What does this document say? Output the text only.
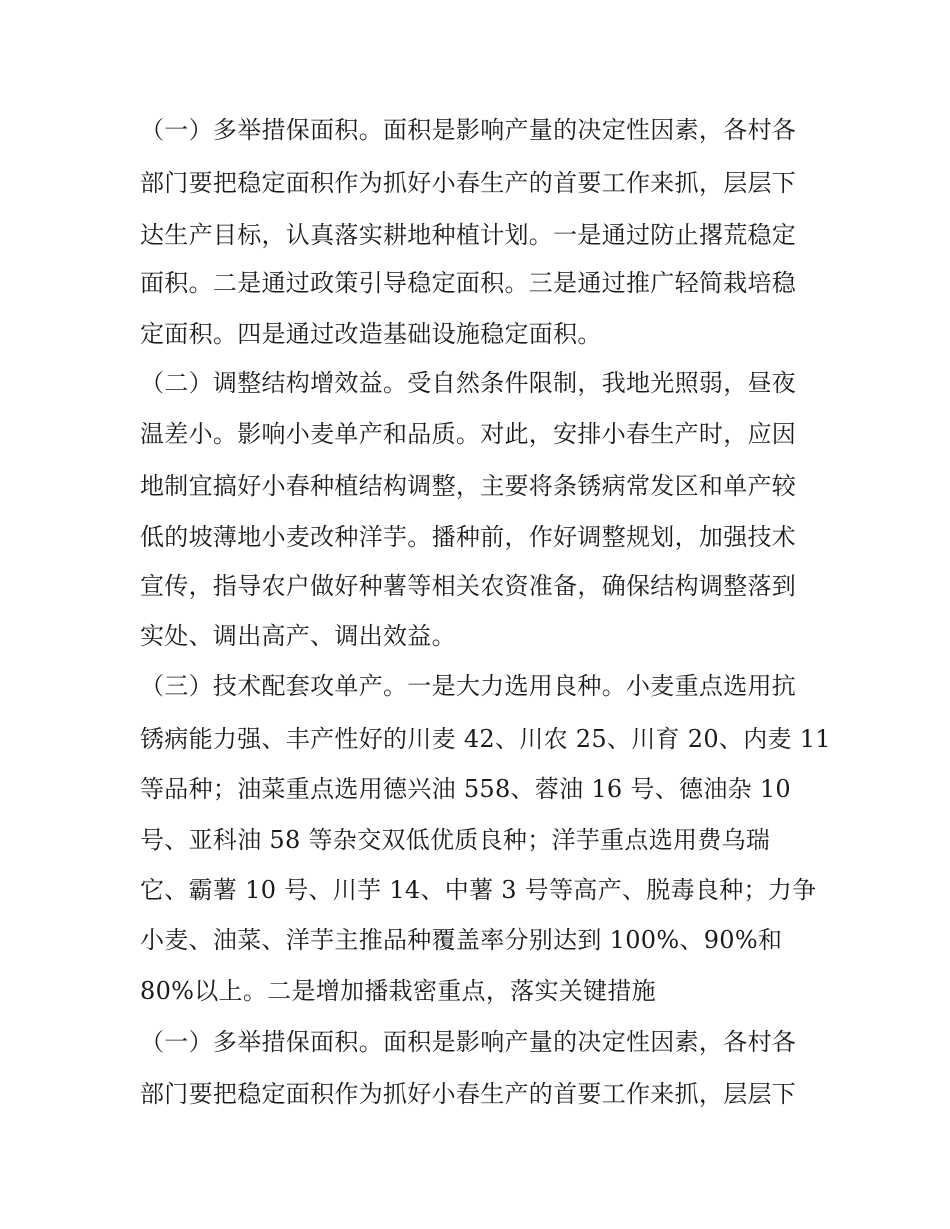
（一）多举措保面积。面积是影响产量的决定性因素，各村各
部门要把稳定面积作为抓好小春生产的首要工作来抓，层层下
达生产目标，认真落实耕地种植计划。一是通过防止撂荒稳定
面积。二是通过政策引导稳定面积。三是通过推广轻简栽培稳
定面积。四是通过改造基础设施稳定面积。
（二）调整结构增效益。受自然条件限制，我地光照弱，昼夜
温差小。影响小麦单产和品质。对此，安排小春生产时，应因
地制宜搞好小春种植结构调整，主要将条锈病常发区和单产较
低的坡薄地小麦改种洋芋。播种前，作好调整规划，加强技术
宣传，指导农户做好种薯等相关农资准备，确保结构调整落到
实处、调出高产、调出效益。
（三）技术配套攻单产。一是大力选用良种。小麦重点选用抗
锈病能力强、丰产性好的川麦 42、川农 25、川育 20、内麦 11
等品种；油菜重点选用德兴油 558、蓉油 16 号、德油杂 10
号、亚科油 58 等杂交双低优质良种；洋芋重点选用费乌瑞
它、霸薯 10 号、川芋 14、中薯 3 号等高产、脱毒良种；力争
小麦、油菜、洋芋主推品种覆盖率分别达到 100%、90%和
80%以上。二是增加播栽密重点，落实关键措施
（一）多举措保面积。面积是影响产量的决定性因素，各村各
部门要把稳定面积作为抓好小春生产的首要工作来抓，层层下
